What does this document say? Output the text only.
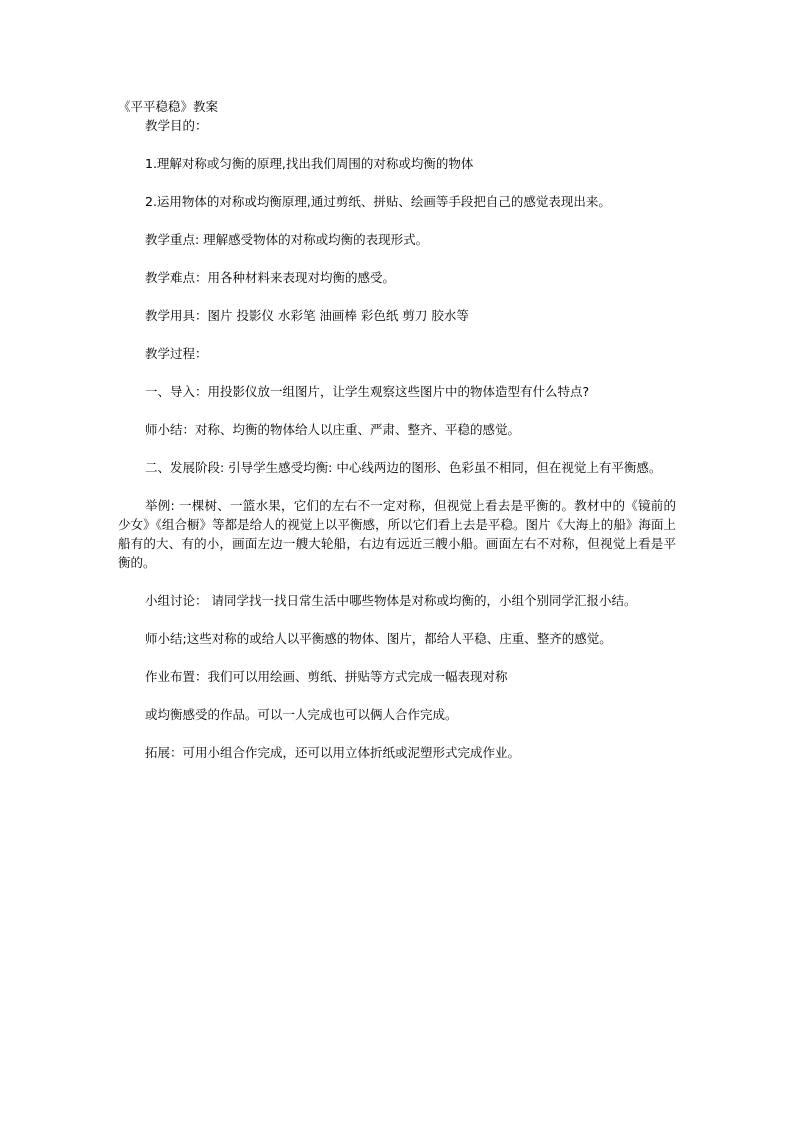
《平平稳稳》教案

教学目的：

1.理解对称或匀衡的原理,找出我们周围的对称或均衡的物体

2.运用物体的对称或均衡原理,通过剪纸、拼贴、绘画等手段把自己的感觉表现出来。

教学重点: 理解感受物体的对称或均衡的表现形式。

教学难点：用各种材料来表现对均衡的感受。

教学用具：图片 投影仪 水彩笔 油画棒 彩色纸 剪刀 胶水等

教学过程：

一、导入：用投影仪放一组图片，让学生观察这些图片中的物体造型有什么特点?

师小结：对称、均衡的物体给人以庄重、严肃、整齐、平稳的感觉。

二、发展阶段: 引导学生感受均衡: 中心线两边的图形、色彩虽不相同，但在视觉上有平衡感。

举例: 一棵树、一篮水果，它们的左右不一定对称，但视觉上看去是平衡的。教材中的《镜前的少女》《组合橱》等都是给人的视觉上以平衡感，所以它们看上去是平稳。图片《大海上的船》海面上船有的大、有的小，画面左边一艘大轮船，右边有远近三艘小船。画面左右不对称，但视觉上看是平衡的。

小组讨论： 请同学找一找日常生活中哪些物体是对称或均衡的，小组个别同学汇报小结。

师小结;这些对称的或给人以平衡感的物体、图片，都给人平稳、庄重、整齐的感觉。

作业布置：我们可以用绘画、剪纸、拼贴等方式完成一幅表现对称

或均衡感受的作品。可以一人完成也可以俩人合作完成。

拓展：可用小组合作完成，还可以用立体折纸或泥塑形式完成作业。
